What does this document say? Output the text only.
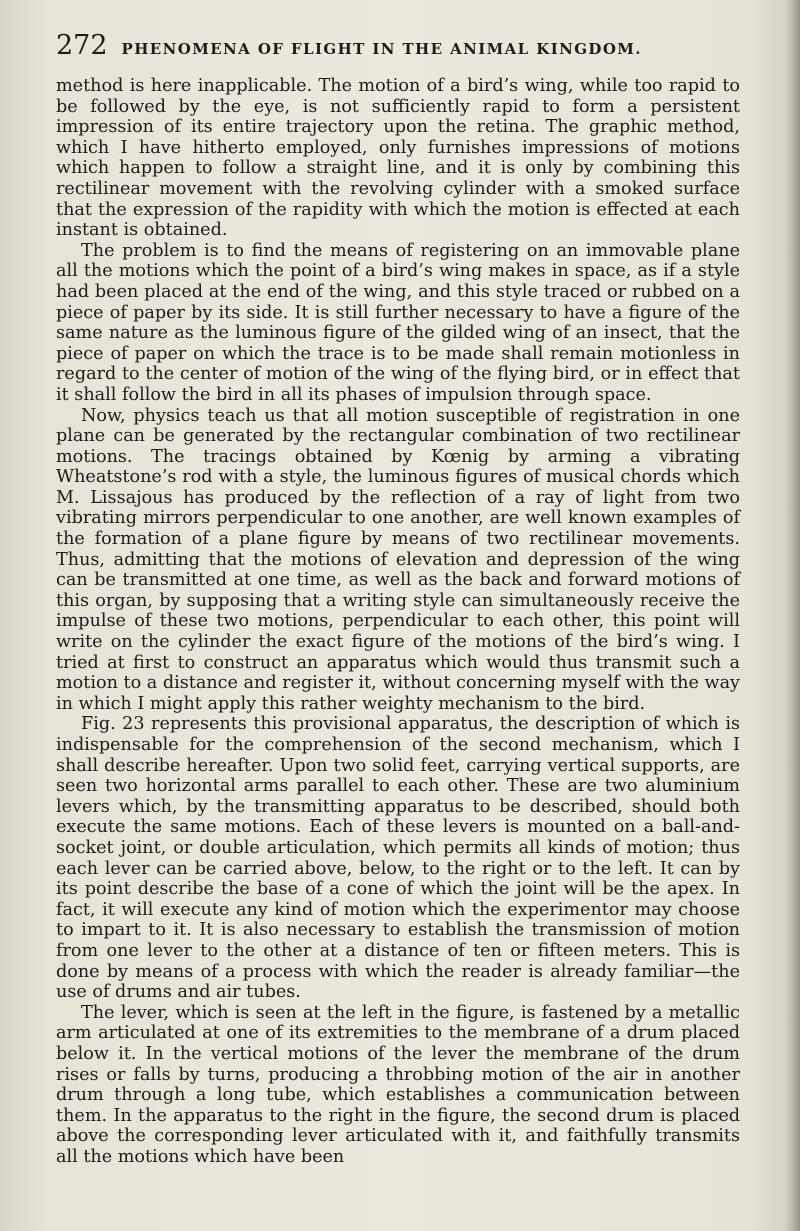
272 PHENOMENA OF FLIGHT IN THE ANIMAL KINGDOM.

method is here inapplicable. The motion of a bird’s wing, while too rapid to be followed by the eye, is not sufficiently rapid to form a persistent impression of its entire trajectory upon the retina. The graphic method, which I have hitherto employed, only furnishes impressions of motions which happen to follow a straight line, and it is only by combining this rectilinear movement with the revolving cylinder with a smoked surface that the expression of the rapidity with which the motion is effected at each instant is obtained.

The problem is to find the means of registering on an immovable plane all the motions which the point of a bird’s wing makes in space, as if a style had been placed at the end of the wing, and this style traced or rubbed on a piece of paper by its side. It is still further necessary to have a figure of the same nature as the luminous figure of the gilded wing of an insect, that the piece of paper on which the trace is to be made shall remain motionless in regard to the center of motion of the wing of the flying bird, or in effect that it shall follow the bird in all its phases of impulsion through space.

Now, physics teach us that all motion susceptible of registration in one plane can be generated by the rectangular combination of two rectilinear motions. The tracings obtained by Kœnig by arming a vibrating Wheatstone’s rod with a style, the luminous figures of musical chords which M. Lissajous has produced by the reflection of a ray of light from two vibrating mirrors perpendicular to one another, are well known examples of the formation of a plane figure by means of two rectilinear movements. Thus, admitting that the motions of elevation and depression of the wing can be transmitted at one time, as well as the back and forward motions of this organ, by supposing that a writing style can simultaneously receive the impulse of these two motions, perpendicular to each other, this point will write on the cylinder the exact figure of the motions of the bird’s wing. I tried at first to construct an apparatus which would thus transmit such a motion to a distance and register it, without concerning myself with the way in which I might apply this rather weighty mechanism to the bird.

Fig. 23 represents this provisional apparatus, the description of which is indispensable for the comprehension of the second mechanism, which I shall describe hereafter. Upon two solid feet, carrying vertical supports, are seen two horizontal arms parallel to each other. These are two aluminium levers which, by the transmitting apparatus to be described, should both execute the same motions. Each of these levers is mounted on a ball-and-socket joint, or double articulation, which permits all kinds of motion; thus each lever can be carried above, below, to the right or to the left. It can by its point describe the base of a cone of which the joint will be the apex. In fact, it will execute any kind of motion which the experimentor may choose to impart to it. It is also necessary to establish the transmission of motion from one lever to the other at a distance of ten or fifteen meters. This is done by means of a process with which the reader is already familiar—the use of drums and air tubes.

The lever, which is seen at the left in the figure, is fastened by a metallic arm articulated at one of its extremities to the membrane of a drum placed below it. In the vertical motions of the lever the membrane of the drum rises or falls by turns, producing a throbbing motion of the air in another drum through a long tube, which establishes a communication between them. In the apparatus to the right in the figure, the second drum is placed above the corresponding lever articulated with it, and faithfully transmits all the motions which have been
